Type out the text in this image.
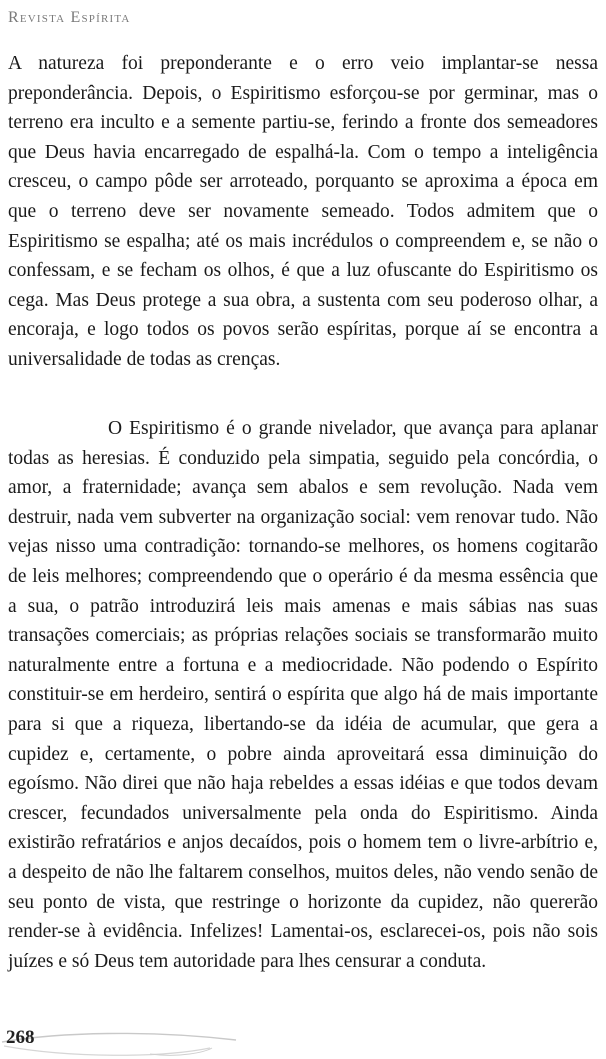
Revista Espírita

A natureza foi preponderante e o erro veio implantar-se nessa preponderância. Depois, o Espiritismo esforçou-se por germinar, mas o terreno era inculto e a semente partiu-se, ferindo a fronte dos semeadores que Deus havia encarregado de espalhá-la. Com o tempo a inteligência cresceu, o campo pôde ser arroteado, porquanto se aproxima a época em que o terreno deve ser novamente semeado. Todos admitem que o Espiritismo se espalha; até os mais incrédulos o compreendem e, se não o confessam, e se fecham os olhos, é que a luz ofuscante do Espiritismo os cega. Mas Deus protege a sua obra, a sustenta com seu poderoso olhar, a encoraja, e logo todos os povos serão espíritas, porque aí se encontra a universalidade de todas as crenças.

O Espiritismo é o grande nivelador, que avança para aplanar todas as heresias. É conduzido pela simpatia, seguido pela concórdia, o amor, a fraternidade; avança sem abalos e sem revolução. Nada vem destruir, nada vem subverter na organização social: vem renovar tudo. Não vejas nisso uma contradição: tornando-se melhores, os homens cogitarão de leis melhores; compreendendo que o operário é da mesma essência que a sua, o patrão introduzirá leis mais amenas e mais sábias nas suas transações comerciais; as próprias relações sociais se transformarão muito naturalmente entre a fortuna e a mediocridade. Não podendo o Espírito constituir-se em herdeiro, sentirá o espírita que algo há de mais importante para si que a riqueza, libertando-se da idéia de acumular, que gera a cupidez e, certamente, o pobre ainda aproveitará essa diminuição do egoísmo. Não direi que não haja rebeldes a essas idéias e que todos devam crescer, fecundados universalmente pela onda do Espiritismo. Ainda existirão refratários e anjos decaídos, pois o homem tem o livre-arbítrio e, a despeito de não lhe faltarem conselhos, muitos deles, não vendo senão de seu ponto de vista, que restringe o horizonte da cupidez, não quererão render-se à evidência. Infelizes! Lamentai-os, esclarecei-os, pois não sois juízes e só Deus tem autoridade para lhes censurar a conduta.

268
